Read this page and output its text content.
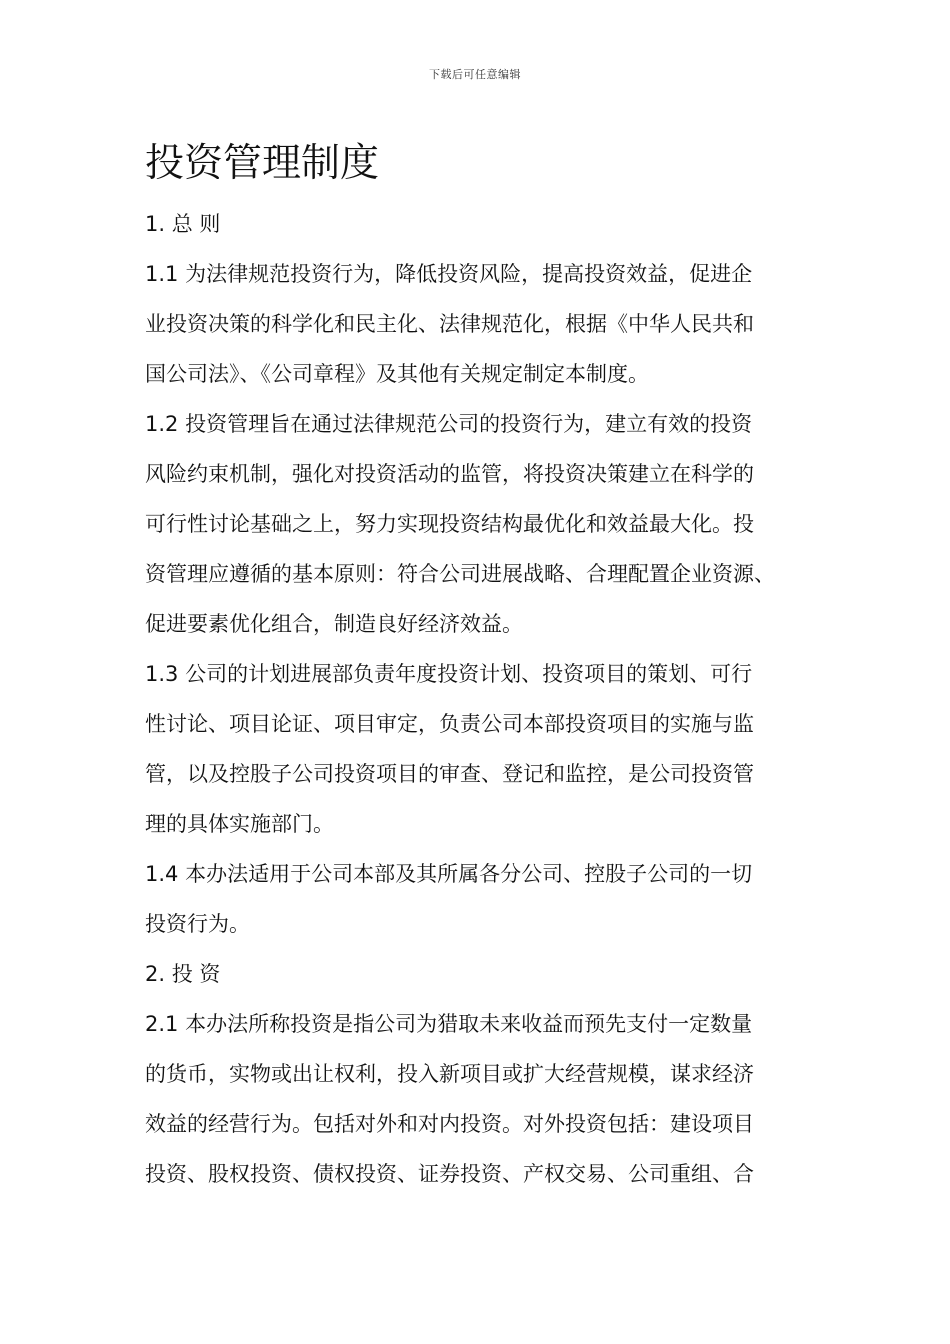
下载后可任意编辑
投资管理制度
1. 总 则
1.1 为法律规范投资行为，降低投资风险，提高投资效益，促进企
业投资决策的科学化和民主化、法律规范化，根据《中华人民共和
国公司法》、《公司章程》及其他有关规定制定本制度。
1.2 投资管理旨在通过法律规范公司的投资行为，建立有效的投资
风险约束机制，强化对投资活动的监管，将投资决策建立在科学的
可行性讨论基础之上，努力实现投资结构最优化和效益最大化。投
资管理应遵循的基本原则：符合公司进展战略、合理配置企业资源、
促进要素优化组合，制造良好经济效益。
1.3 公司的计划进展部负责年度投资计划、投资项目的策划、可行
性讨论、项目论证、项目审定，负责公司本部投资项目的实施与监
管，以及控股子公司投资项目的审查、登记和监控，是公司投资管
理的具体实施部门。
1.4 本办法适用于公司本部及其所属各分公司、控股子公司的一切
投资行为。
2. 投 资
2.1 本办法所称投资是指公司为猎取未来收益而预先支付一定数量
的货币，实物或出让权利，投入新项目或扩大经营规模，谋求经济
效益的经营行为。包括对外和对内投资。对外投资包括：建设项目
投资、股权投资、债权投资、证券投资、产权交易、公司重组、合
